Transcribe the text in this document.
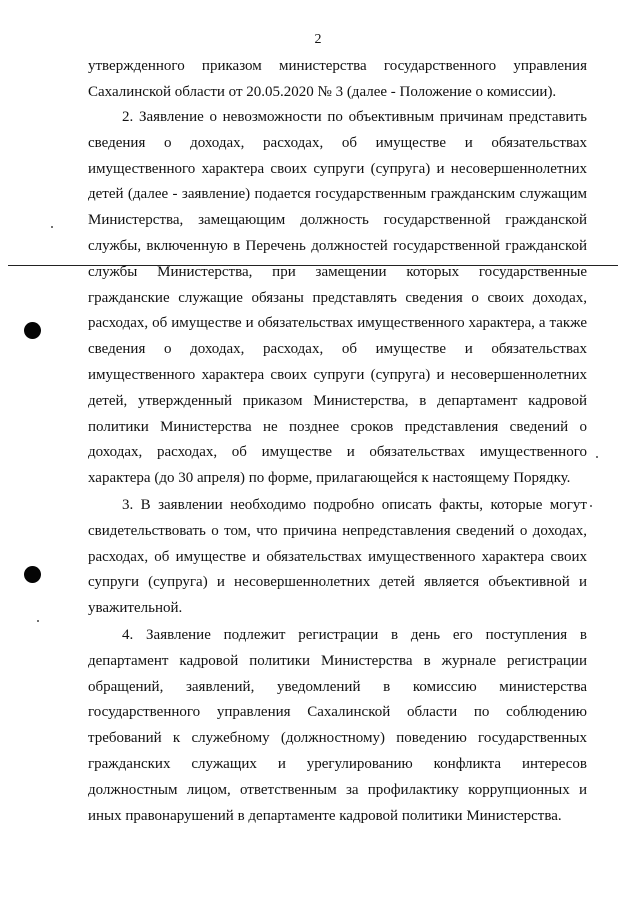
2
утвержденного приказом министерства государственного управления
Сахалинской области от 20.05.2020 № 3 (далее - Положение о комиссии).
2. Заявление о невозможности по объективным причинам представить
сведения о доходах, расходах, об имуществе и обязательствах
имущественного характера своих супруги (супруга) и несовершеннолетних
детей (далее - заявление) подается государственным гражданским служащим
Министерства, замещающим должность государственной гражданской
службы, включенную в Перечень должностей государственной гражданской
службы Министерства, при замещении которых государственные
гражданские служащие обязаны представлять сведения о своих доходах,
расходах, об имуществе и обязательствах имущественного характера, а также
сведения о доходах, расходах, об имуществе и обязательствах
имущественного характера своих супруги (супруга) и несовершеннолетних
детей, утвержденный приказом Министерства, в департамент кадровой
политики Министерства не позднее сроков представления сведений о
доходах, расходах, об имуществе и обязательствах имущественного
характера (до 30 апреля) по форме, прилагающейся к настоящему Порядку.
3. В заявлении необходимо подробно описать факты, которые могут
свидетельствовать о том, что причина непредставления сведений о доходах,
расходах, об имуществе и обязательствах имущественного характера своих
супруги (супруга) и несовершеннолетних детей является объективной и
уважительной.
4. Заявление подлежит регистрации в день его поступления в
департамент кадровой политики Министерства в журнале регистрации
обращений, заявлений, уведомлений в комиссию министерства
государственного управления Сахалинской области по соблюдению
требований к служебному (должностному) поведению государственных
гражданских служащих и урегулированию конфликта интересов
должностным лицом, ответственным за профилактику коррупционных и
иных правонарушений в департаменте кадровой политики Министерства.
